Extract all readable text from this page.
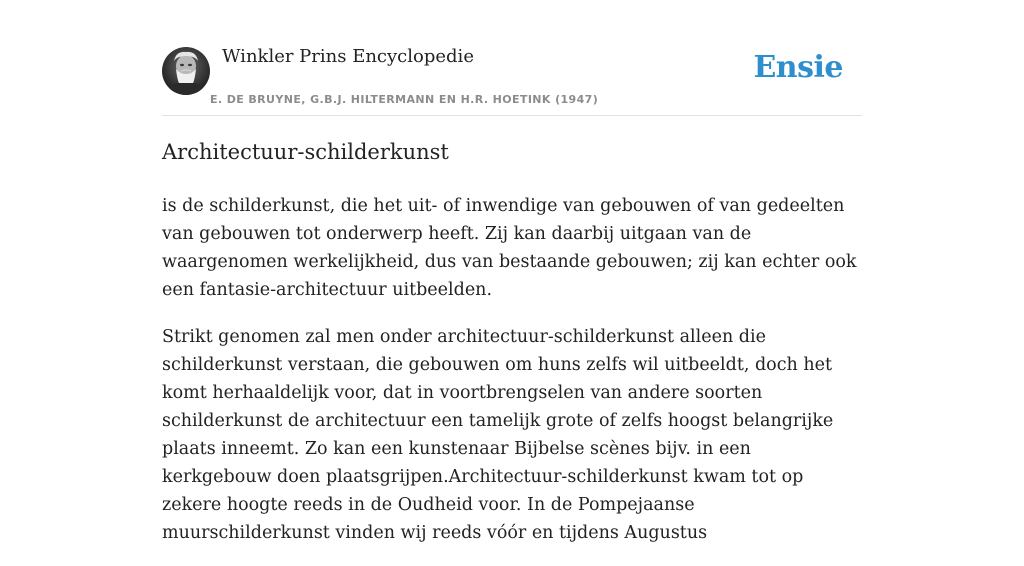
Winkler Prins Encyclopedie
E. DE BRUYNE, G.B.J. HILTERMANN EN H.R. HOETINK (1947)
Ensie
Architectuur-schilderkunst

is de schilderkunst, die het uit- of inwendige van gebouwen of van gedeelten van gebouwen tot onderwerp heeft. Zij kan daarbij uitgaan van de waargenomen werkelijkheid, dus van bestaande gebouwen; zij kan echter ook een fantasie-architectuur uitbeelden.

Strikt genomen zal men onder architectuur-schilderkunst alleen die schilderkunst verstaan, die gebouwen om huns zelfs wil uitbeeldt, doch het komt herhaaldelijk voor, dat in voortbrengselen van andere soorten schilderkunst de architectuur een tamelijk grote of zelfs hoogst belangrijke plaats inneemt. Zo kan een kunstenaar Bijbelse scènes bijv. in een kerkgebouw doen plaatsgrijpen.Architectuur-schilderkunst kwam tot op zekere hoogte reeds in de Oudheid voor. In de Pompejaanse muurschilderkunst vinden wij reeds vóór en tijdens Augustus
